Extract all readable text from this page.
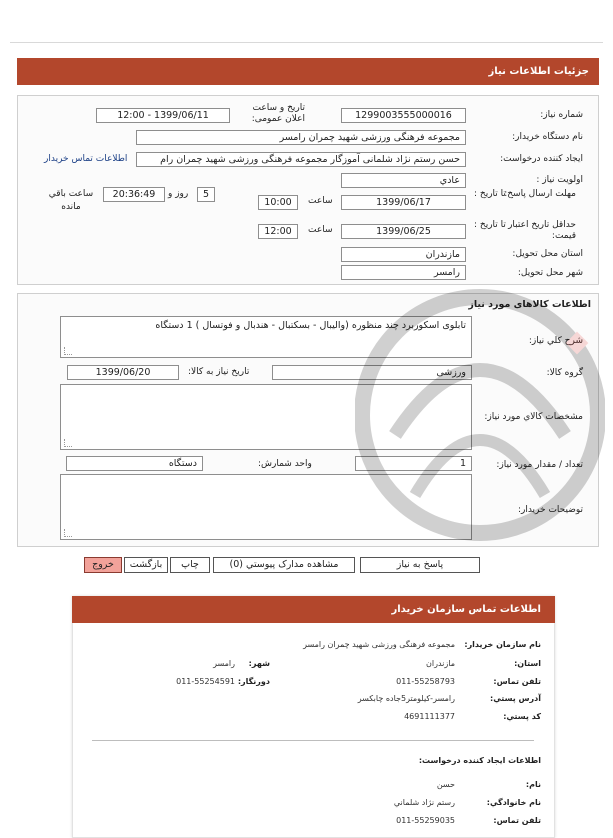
جزئيات اطلاعات نیاز
شماره نیاز:
1299003555000016
تاریخ و ساعت اعلان عمومی:
1399/06/11 - 12:00
نام دستگاه خریدار:
مجموعه فرهنگی ورزشی شهید چمران رامسر
ایجاد کننده درخواست:
حسن رستم نژاد شلمانی آموزگار مجموعه فرهنگی ورزشی شهید چمران رام
اطلاعات تماس خریدار
اولویت نیاز :
عادي
مهلت ارسال پاسخ:
تا تاریخ :
1399/06/17
ساعت
10:00
5
روز و
20:36:49
ساعت باقي مانده
حداقل تاریخ اعتبار قیمت:
تا تاریخ :
1399/06/25
ساعت
12:00
استان محل تحویل:
مازندران
شهر محل تحویل:
رامسر
اطلاعات کالاهای مورد نیاز
شرح کلي نیاز:
تابلوی اسکوربرد چند منظوره (والیبال - بسکتبال - هندبال و فوتسال ) 1 دستگاه
گروه کالا:
ورزشی
تاریخ نیاز به کالا:
1399/06/20
مشخصات کالاي مورد نیاز:
تعداد / مقدار مورد نیاز:
1
واحد شمارش:
دستگاه
توضیحات خریدار:
پاسخ به نیاز
مشاهده مدارک پیوستي (0)
چاپ
بازگشت
خروج
اطلاعات تماس سازمان خریدار
نام سازمان خریدار:
مجموعه فرهنگی ورزشی شهید چمران رامسر
استان:
مازندران
شهر:
رامسر
تلفن تماس:
011-55258793
دورنگار:
011-55254591
آدرس پستي:
رامسر-کیلومتر5جاده چابکسر
کد پستي:
4691111377
اطلاعات ایجاد کننده درخواست:
نام:
حسن
نام خانوادگي:
رستم نژاد شلماني
تلفن تماس:
011-55259035
